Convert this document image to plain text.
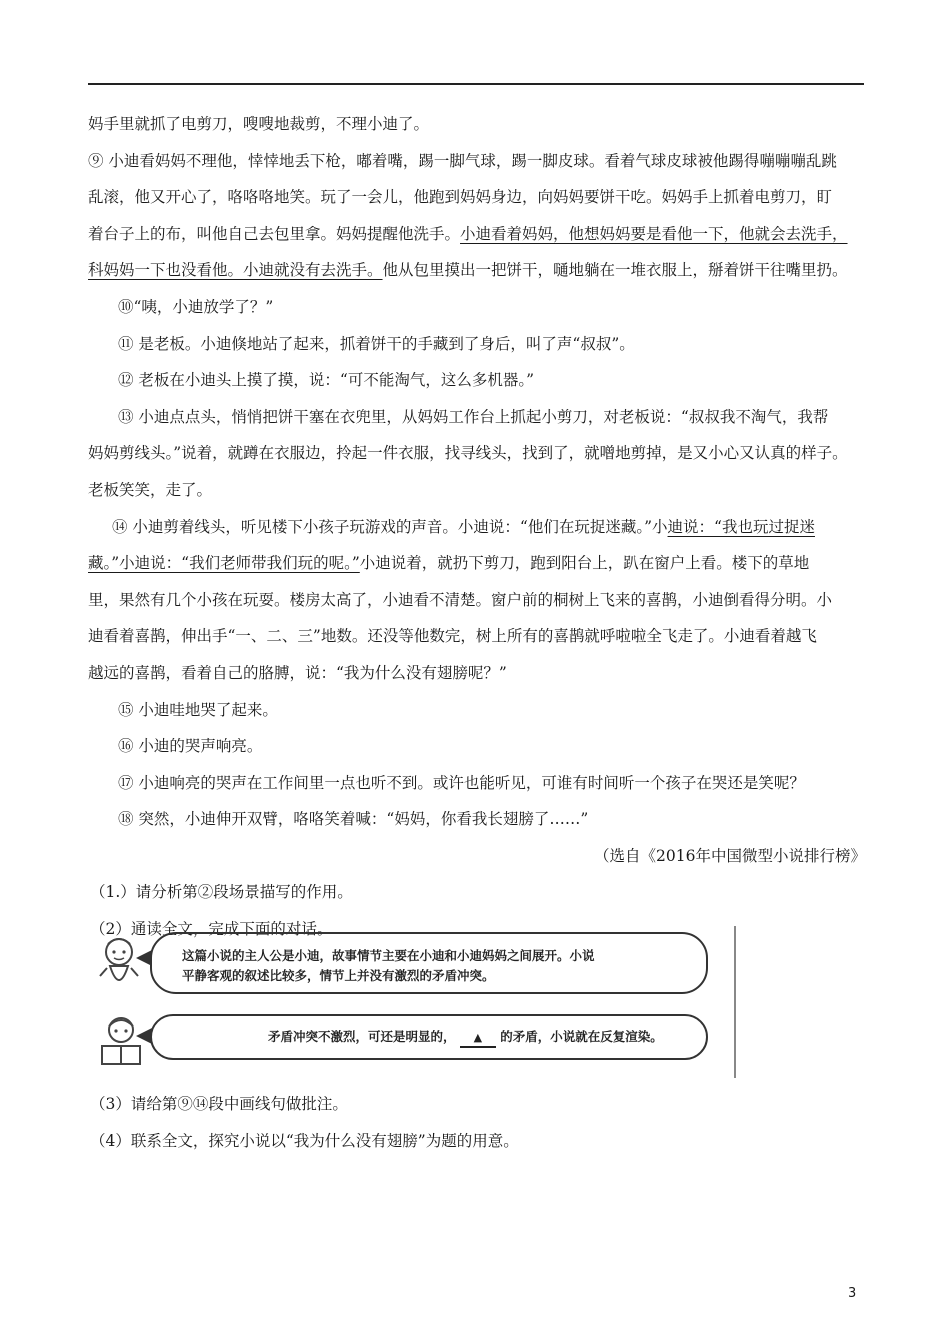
妈手里就抓了电剪刀，嗖嗖地裁剪，不理小迪了。
⑨ 小迪看妈妈不理他，悻悻地丢下枪，嘟着嘴，踢一脚气球，踢一脚皮球。看着气球皮球被他踢得嘣嘣嘣乱跳
乱滚，他又开心了，咯咯咯地笑。玩了一会儿，他跑到妈妈身边，向妈妈要饼干吃。妈妈手上抓着电剪刀，盯
着台子上的布，叫他自己去包里拿。妈妈提醒他洗手。小迪看着妈妈，他想妈妈要是看他一下，他就会去洗手，
科妈妈一下也没看他。小迪就没有去洗手。他从包里摸出一把饼干，嗵地躺在一堆衣服上，掰着饼干往嘴里扔。
⑩“咦，小迪放学了？”
⑪ 是老板。小迪倏地站了起来，抓着饼干的手藏到了身后，叫了声“叔叔”。
⑫ 老板在小迪头上摸了摸，说：“可不能淘气，这么多机器。”
⑬ 小迪点点头，悄悄把饼干塞在衣兜里，从妈妈工作台上抓起小剪刀，对老板说：“叔叔我不淘气，我帮
妈妈剪线头。”说着，就蹲在衣服边，拎起一件衣服，找寻线头，找到了，就噌地剪掉，是又小心又认真的样子。
老板笑笑，走了。
⑭ 小迪剪着线头，听见楼下小孩子玩游戏的声音。小迪说：“他们在玩捉迷藏。”小迪说：“我也玩过捉迷
藏。”小迪说：“我们老师带我们玩的呢。”小迪说着，就扔下剪刀，跑到阳台上，趴在窗户上看。楼下的草地
里，果然有几个小孩在玩耍。楼房太高了，小迪看不清楚。窗户前的桐树上飞来的喜鹊，小迪倒看得分明。小
迪看着喜鹊，伸出手“一、二、三”地数。还没等他数完，树上所有的喜鹊就呼啦啦全飞走了。小迪看着越飞
越远的喜鹊，看着自己的胳膊，说：“我为什么没有翅膀呢？”
⑮ 小迪哇地哭了起来。
⑯ 小迪的哭声响亮。
⑰ 小迪响亮的哭声在工作间里一点也听不到。或许也能听见，可谁有时间听一个孩子在哭还是笑呢？
⑱ 突然，小迪伸开双臂，咯咯笑着喊：“妈妈，你看我长翅膀了……”
（选自《2016年中国微型小说排行榜》
（1.）请分析第②段场景描写的作用。
（2）通读全文，完成下面的对话。
这篇小说的主人公是小迪，故事情节主要在小迪和小迪妈妈之间展开。小说
平静客观的叙述比较多，情节上并没有激烈的矛盾冲突。
矛盾冲突不激烈，可还是明显的， ▲ 的矛盾，小说就在反复渲染。
（3）请给第⑨⑭段中画线句做批注。
（4）联系全文，探究小说以“我为什么没有翅膀”为题的用意。
3
